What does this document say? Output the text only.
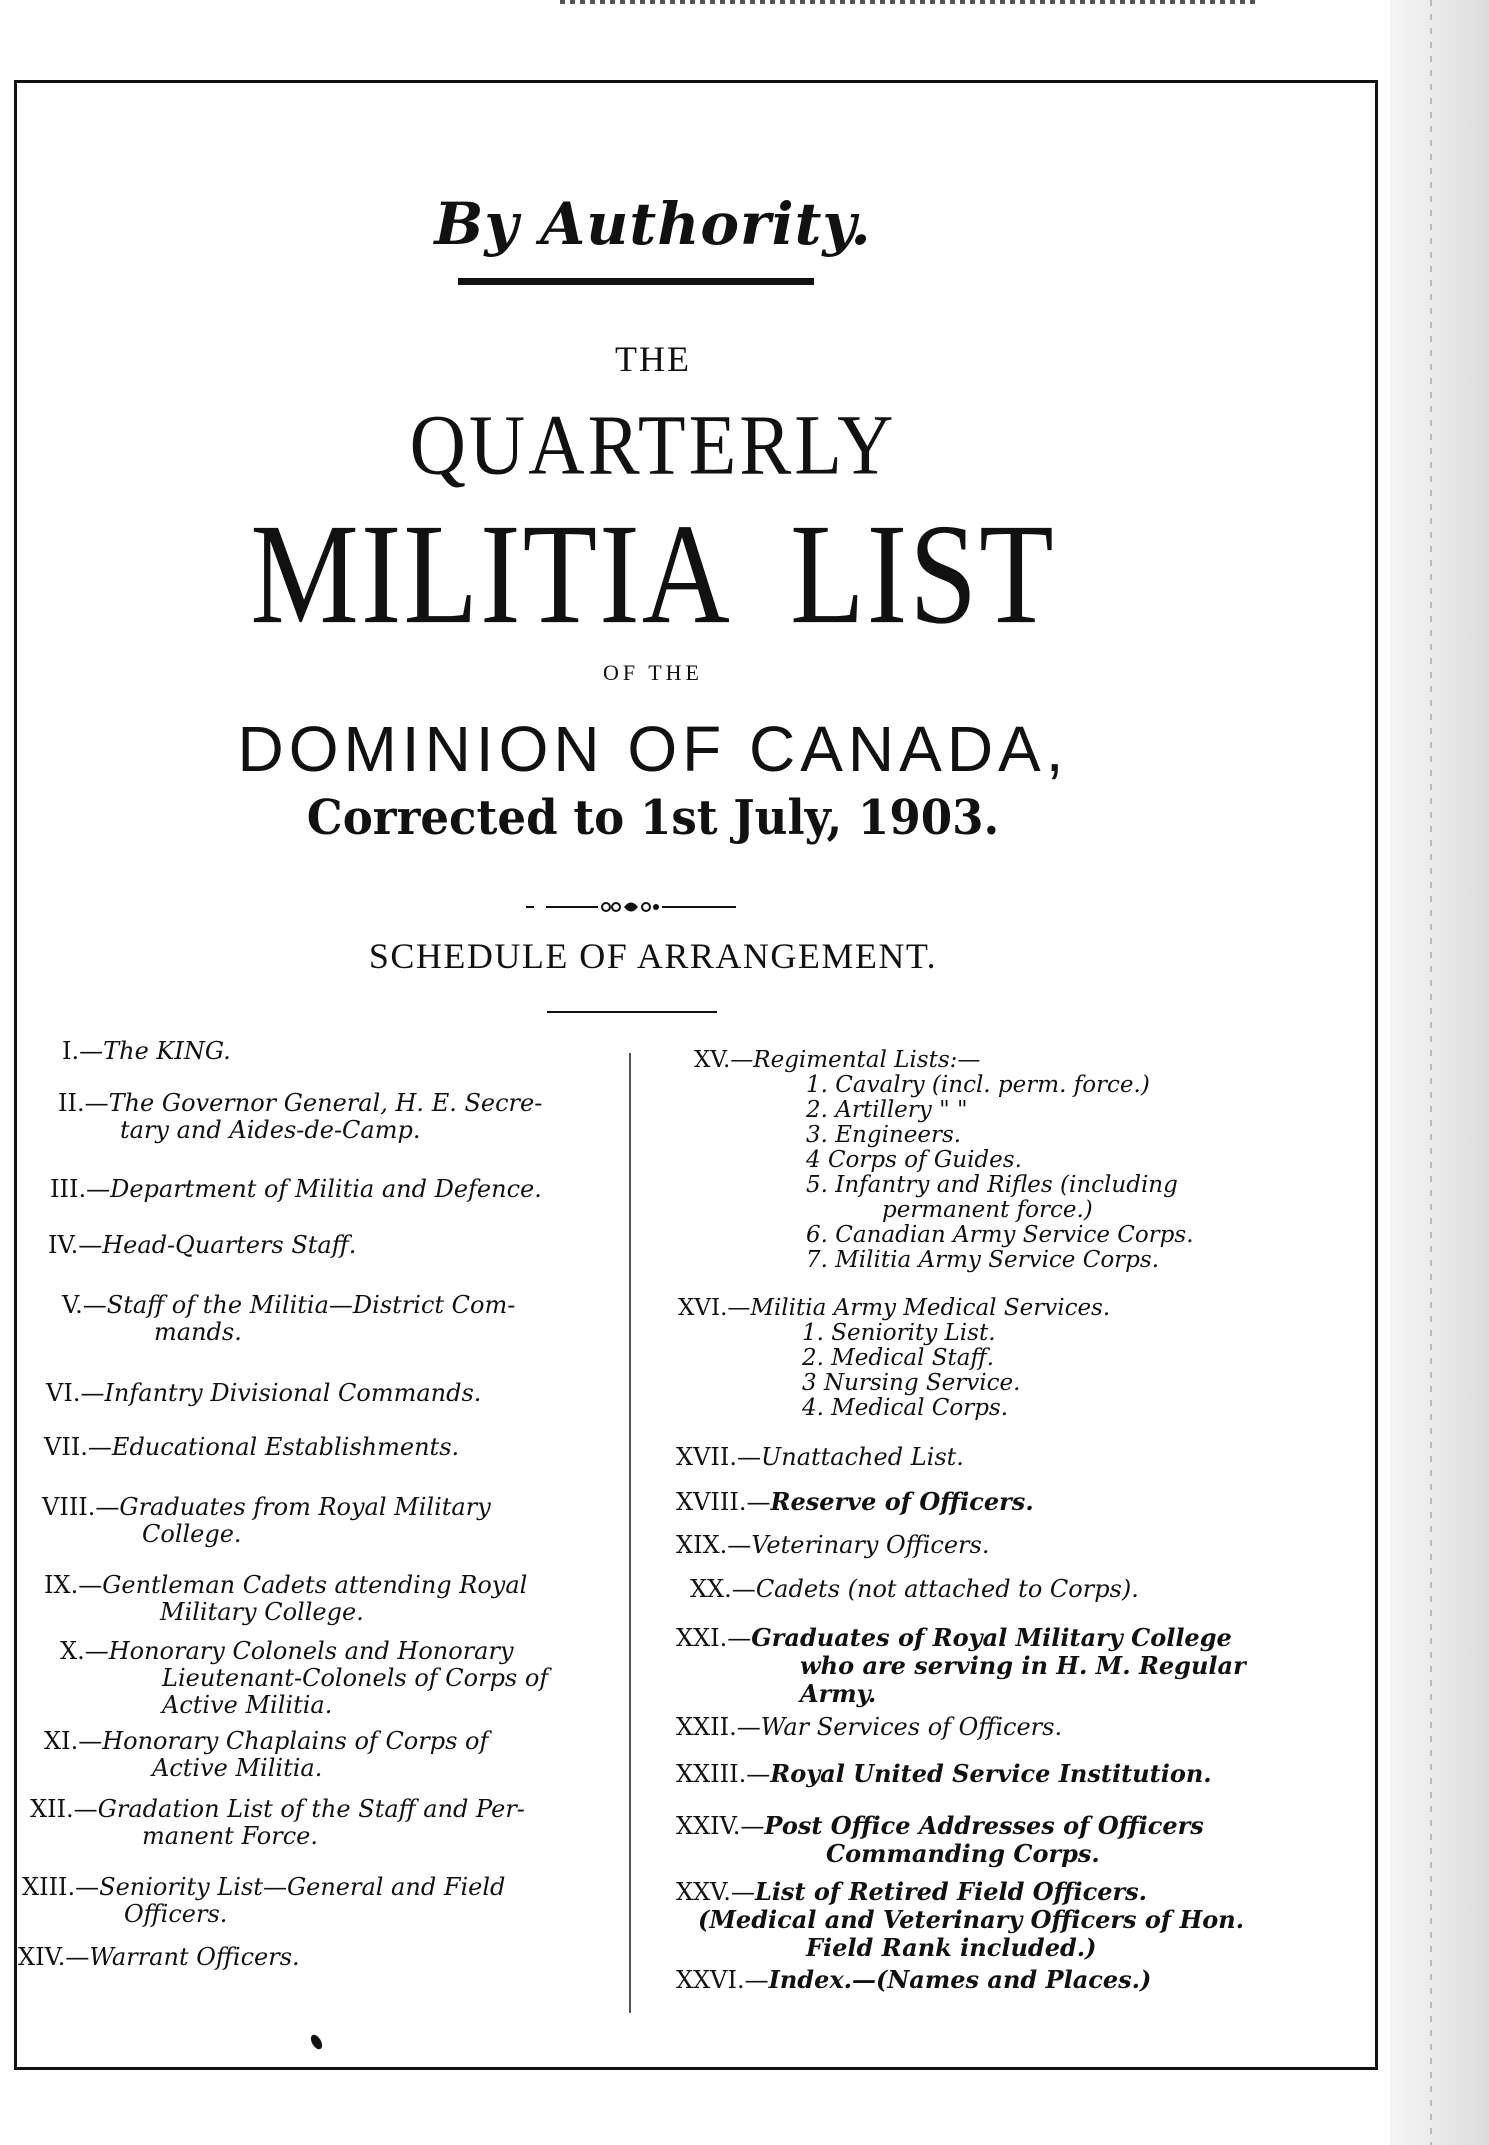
By Authority.
THE
QUARTERLY
MILITIA  LIST
OF THE
DOMINION OF CANADA,
Corrected to 1st July, 1903.
SCHEDULE OF ARRANGEMENT.
I.—The KING.
II.—The Governor General, H. E. Secre-
tary and Aides-de-Camp.
III.—Department of Militia and Defence.
IV.—Head-Quarters Staff.
V.—Staff of the Militia—District Com-
mands.
VI.—Infantry Divisional Commands.
VII.—Educational Establishments.
VIII.—Graduates from Royal Military
College.
IX.—Gentleman Cadets attending Royal
Military College.
X.—Honorary Colonels and Honorary
Lieutenant-Colonels of Corps of
Active Militia.
XI.—Honorary Chaplains of Corps of
Active Militia.
XII.—Gradation List of the Staff and Per-
manent Force.
XIII.—Seniority List—General and Field
Officers.
XIV.—Warrant Officers.
XV.—Regimental Lists:—
1. Cavalry (incl. perm. force.)
2. Artillery " "
3. Engineers.
4 Corps of Guides.
5. Infantry and Rifles (including
permanent force.)
6. Canadian Army Service Corps.
7. Militia Army Service Corps.
XVI.—Militia Army Medical Services.
1. Seniority List.
2. Medical Staff.
3 Nursing Service.
4. Medical Corps.
XVII.—Unattached List.
XVIII.—Reserve of Officers.
XIX.—Veterinary Officers.
XX.—Cadets (not attached to Corps).
XXI.—Graduates of Royal Military College
who are serving in H. M. Regular
Army.
XXII.—War Services of Officers.
XXIII.—Royal United Service Institution.
XXIV.—Post Office Addresses of Officers
Commanding Corps.
XXV.—List of Retired Field Officers.
(Medical and Veterinary Officers of Hon.
Field Rank included.)
XXVI.—Index.—(Names and Places.)
